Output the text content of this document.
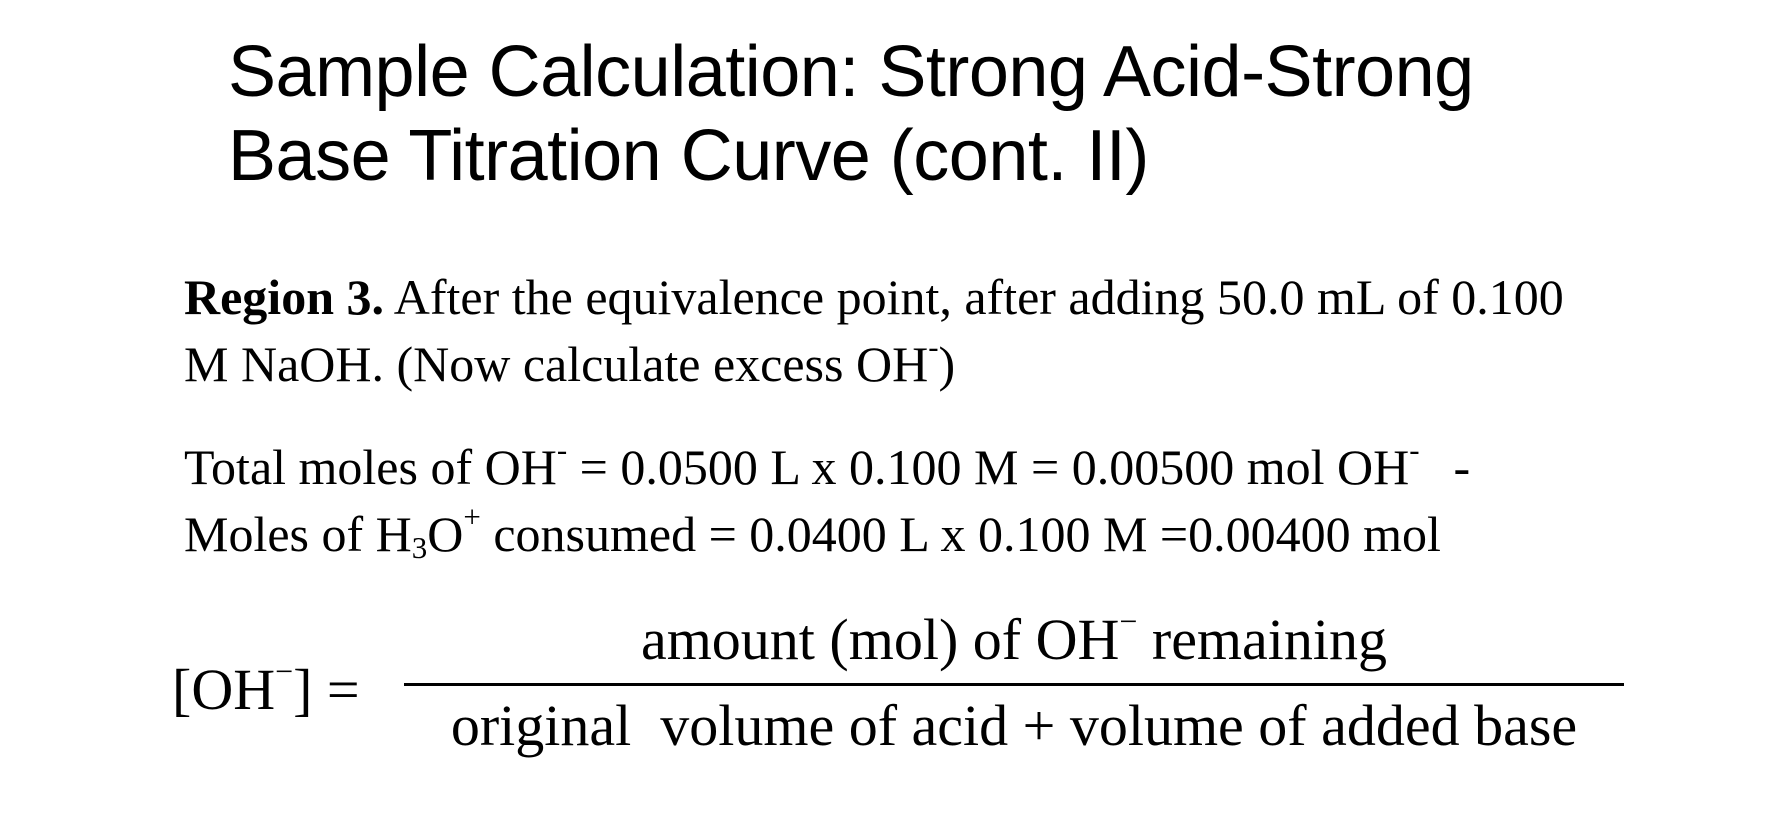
Sample Calculation: Strong Acid-Strong
Base Titration Curve (cont. II)

Region 3. After the equivalence point, after adding 50.0 mL of 0.100
M NaOH. (Now calculate excess OH-)

Total moles of OH- = 0.0500 L x 0.100 M = 0.00500 mol OH- -
Moles of $H_3O^+$ consumed = 0.0400 L x 0.100 M =0.00400 mol

[OH−] =
amount (mol) of OH− remaining
original  volume of acid + volume of added base
